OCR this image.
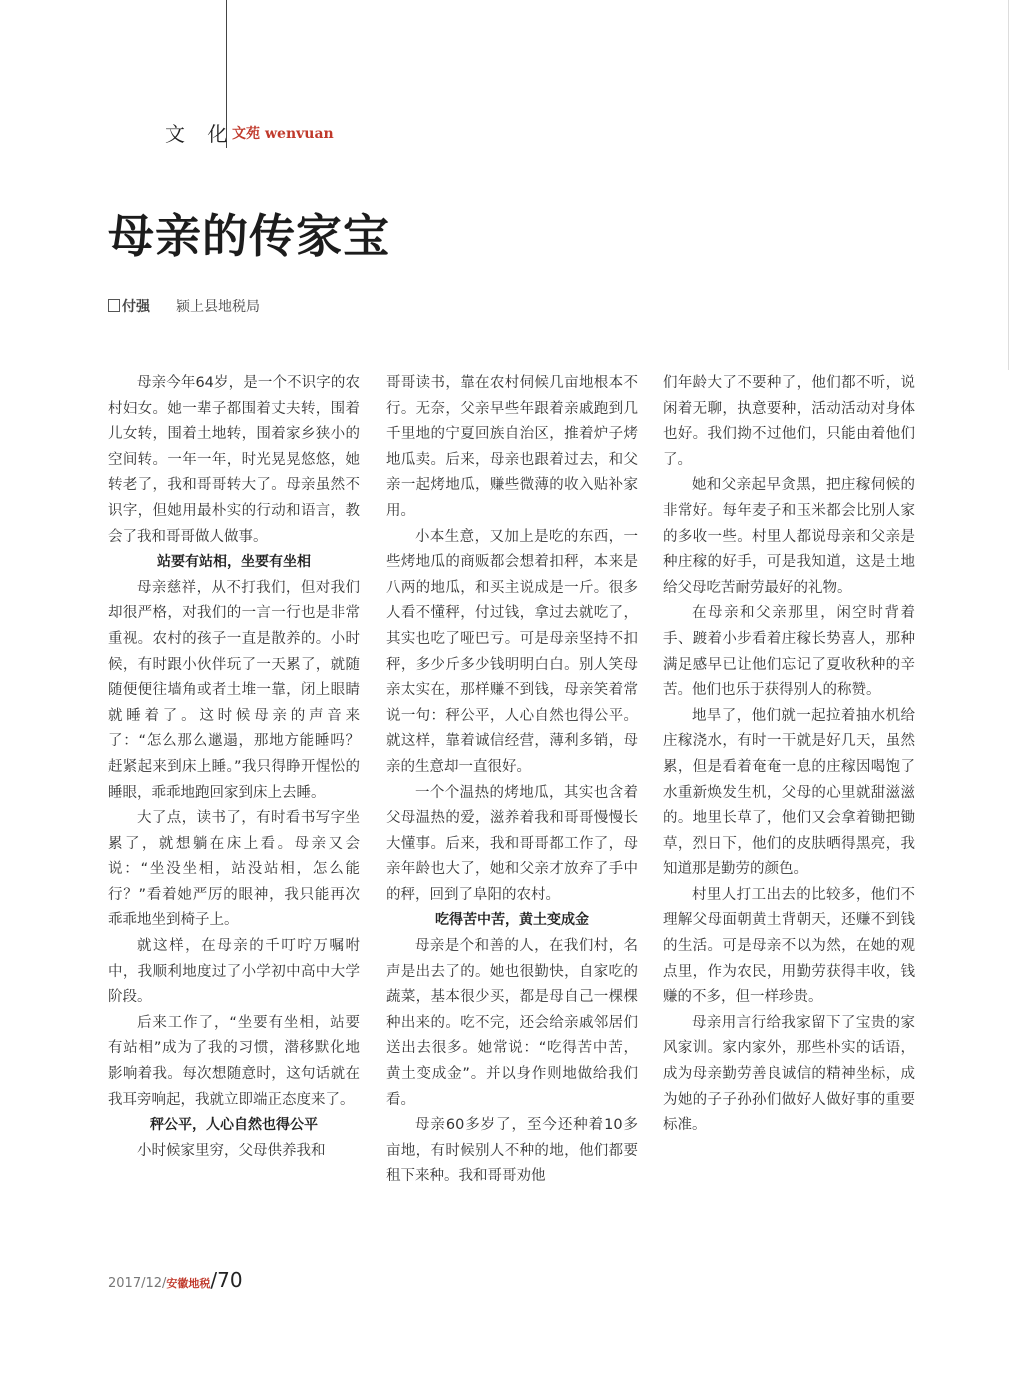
文 化
文苑 wenvuan
母亲的传家宝
付强 颍上县地税局

母亲今年64岁，是一个不识字的农村妇女。她一辈子都围着丈夫转，围着儿女转，围着土地转，围着家乡狭小的空间转。一年一年，时光晃晃悠悠，她转老了，我和哥哥转大了。母亲虽然不识字，但她用最朴实的行动和语言，教会了我和哥哥做人做事。

站要有站相，坐要有坐相

母亲慈祥，从不打我们，但对我们却很严格，对我们的一言一行也是非常重视。农村的孩子一直是散养的。小时候，有时跟小伙伴玩了一天累了，就随随便便往墙角或者土堆一靠，闭上眼睛就睡着了。这时候母亲的声音来了：“怎么那么邋遢，那地方能睡吗？赶紧起来到床上睡。”我只得睁开惺忪的睡眼，乖乖地跑回家到床上去睡。

大了点，读书了，有时看书写字坐累了，就想躺在床上看。母亲又会说：“坐没坐相，站没站相，怎么能行？”看着她严厉的眼神，我只能再次乖乖地坐到椅子上。

就这样，在母亲的千叮咛万嘱咐中，我顺利地度过了小学初中高中大学阶段。

后来工作了，“坐要有坐相，站要有站相”成为了我的习惯，潜移默化地影响着我。每次想随意时，这句话就在我耳旁响起，我就立即端正态度来了。

秤公平，人心自然也得公平

小时候家里穷，父母供养我和

哥哥读书，靠在农村伺候几亩地根本不行。无奈，父亲早些年跟着亲戚跑到几千里地的宁夏回族自治区，推着炉子烤地瓜卖。后来，母亲也跟着过去，和父亲一起烤地瓜，赚些微薄的收入贴补家用。

小本生意，又加上是吃的东西，一些烤地瓜的商贩都会想着扣秤，本来是八两的地瓜，和买主说成是一斤。很多人看不懂秤，付过钱，拿过去就吃了，其实也吃了哑巴亏。可是母亲坚持不扣秤，多少斤多少钱明明白白。别人笑母亲太实在，那样赚不到钱，母亲笑着常说一句：秤公平，人心自然也得公平。就这样，靠着诚信经营，薄利多销，母亲的生意却一直很好。

一个个温热的烤地瓜，其实也含着父母温热的爱，滋养着我和哥哥慢慢长大懂事。后来，我和哥哥都工作了，母亲年龄也大了，她和父亲才放弃了手中的秤，回到了阜阳的农村。

吃得苦中苦，黄土变成金

母亲是个和善的人，在我们村，名声是出去了的。她也很勤快，自家吃的蔬菜，基本很少买，都是母自己一棵棵种出来的。吃不完，还会给亲戚邻居们送出去很多。她常说：“吃得苦中苦，黄土变成金”。并以身作则地做给我们看。

母亲60多岁了，至今还种着10多亩地，有时候别人不种的地，他们都要租下来种。我和哥哥劝他

们年龄大了不要种了，他们都不听，说闲着无聊，执意要种，活动活动对身体也好。我们拗不过他们，只能由着他们了。

她和父亲起早贪黑，把庄稼伺候的非常好。每年麦子和玉米都会比别人家的多收一些。村里人都说母亲和父亲是种庄稼的好手，可是我知道，这是土地给父母吃苦耐劳最好的礼物。

在母亲和父亲那里，闲空时背着手、踱着小步看着庄稼长势喜人，那种满足感早已让他们忘记了夏收秋种的辛苦。他们也乐于获得别人的称赞。

地旱了，他们就一起拉着抽水机给庄稼浇水，有时一干就是好几天，虽然累，但是看着奄奄一息的庄稼因喝饱了水重新焕发生机，父母的心里就甜滋滋的。地里长草了，他们又会拿着锄把锄草，烈日下，他们的皮肤晒得黑亮，我知道那是勤劳的颜色。

村里人打工出去的比较多，他们不理解父母面朝黄土背朝天，还赚不到钱的生活。可是母亲不以为然，在她的观点里，作为农民，用勤劳获得丰收，钱赚的不多，但一样珍贵。

母亲用言行给我家留下了宝贵的家风家训。家内家外，那些朴实的话语，成为母亲勤劳善良诚信的精神坐标，成为她的子子孙孙们做好人做好事的重要标准。

2017/12/安徽地税/70
